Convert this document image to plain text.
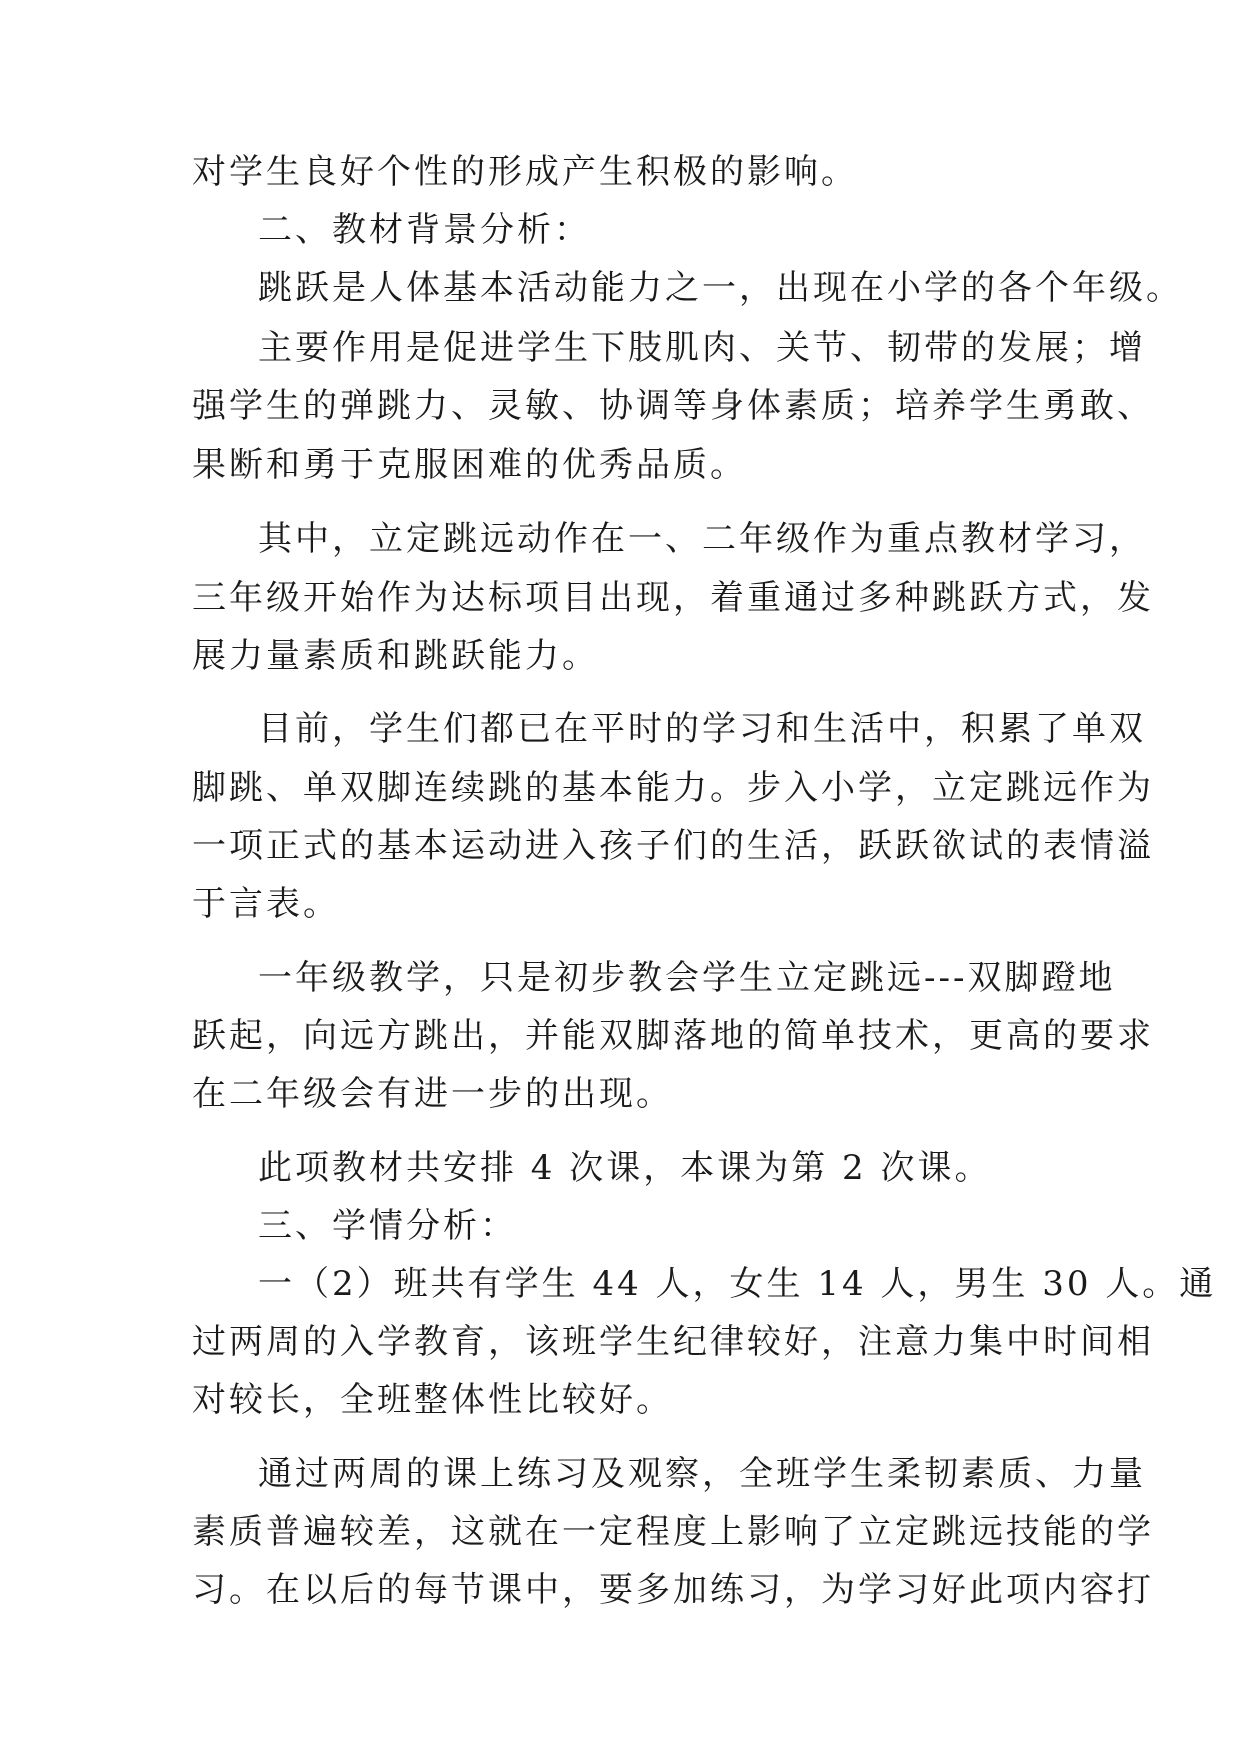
对学生良好个性的形成产生积极的影响。
二、教材背景分析：
跳跃是人体基本活动能力之一，出现在小学的各个年级。
主要作用是促进学生下肢肌肉、关节、韧带的发展；增
强学生的弹跳力、灵敏、协调等身体素质；培养学生勇敢、
果断和勇于克服困难的优秀品质。
其中，立定跳远动作在一、二年级作为重点教材学习，
三年级开始作为达标项目出现，着重通过多种跳跃方式，发
展力量素质和跳跃能力。
目前，学生们都已在平时的学习和生活中，积累了单双
脚跳、单双脚连续跳的基本能力。步入小学，立定跳远作为
一项正式的基本运动进入孩子们的生活，跃跃欲试的表情溢
于言表。
一年级教学，只是初步教会学生立定跳远---双脚蹬地
跃起，向远方跳出，并能双脚落地的简单技术，更高的要求
在二年级会有进一步的出现。
此项教材共安排 4 次课，本课为第 2 次课。
三、学情分析：
一（2）班共有学生 44 人，女生 14 人，男生 30 人。通
过两周的入学教育，该班学生纪律较好，注意力集中时间相
对较长，全班整体性比较好。
通过两周的课上练习及观察，全班学生柔韧素质、力量
素质普遍较差，这就在一定程度上影响了立定跳远技能的学
习。在以后的每节课中，要多加练习，为学习好此项内容打
